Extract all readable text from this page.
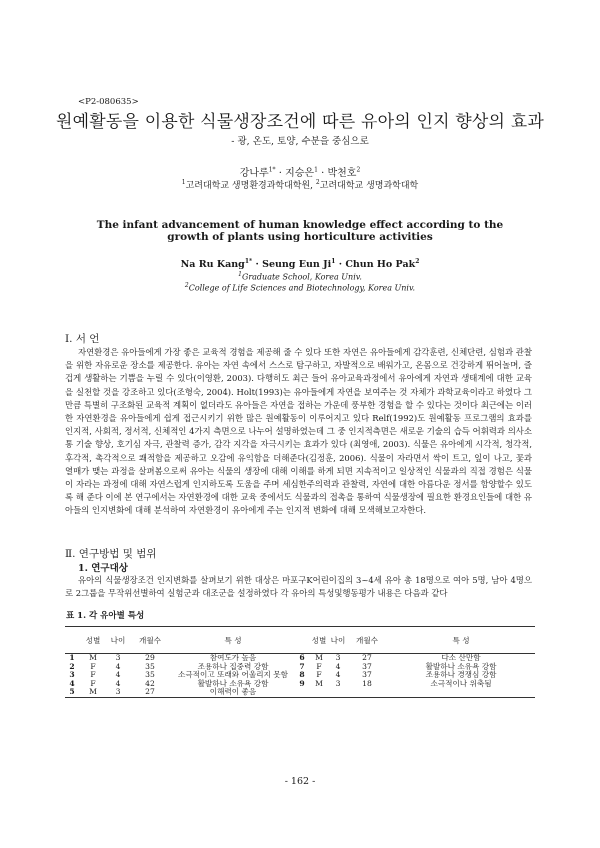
<P2-080635>
원예활동을 이용한 식물생장조건에 따른 유아의 인지 향상의 효과
- 광, 온도, 토양, 수분을 중심으로
강나루$^{1*}$ · 지승은$^1$ · 박천호$^2$
$^1$고려대학교 생명환경과학대학원, $^2$고려대학교 생명과학대학
The infant advancement of human knowledge effect according to the growth of plants using horticulture activities
Na Ru Kang$^{1*}$ · Seung Eun $Ji^1$ · Chun Ho Pak$^2$
$^1$Graduate School, Korea Univ.
$^2$College of Life Sciences and Biotechnology, Korea Univ.
Ⅰ. 서 언

자연환경은 유아들에게 가장 좋은 교육적 경험을 제공해 줄 수 있다 또한 자연은 유아들에게 감각훈련, 신체단련, 심험과 관찰을 위한 자유로운 장소를 제공한다. 유아는 자연 속에서 스스로 탐구하고, 자발적으로 배워가고, 온몸으로 건강하게 뛰어놀며, 즐겁게 생활하는 기쁨을 누릴 수 있다(이영환, 2003). 다행히도 최근 들어 유아교육과정에서 유아에게 자연과 생태계에 대한 교육을 실천할 것을 강조하고 있다(조형숙, 2004). Holt(1993)는 유아들에게 자연을 보여주는 것 자체가 과학교육이라고 하였다 그만큼 특별히 구조화된 교육적 계획이 없더라도 유아들은 자연을 접하는 가운데 풍부한 경험을 할 수 있다는 것이다 최근에는 이러한 자연환경을 유아들에게 쉽게 접근시키기 위한 많은 원예활동이 이루어지고 있다 Relf(1992)도 원예활동 프로그램의 효과를 인지적, 사회적, 정서적, 신체적인 4가지 측면으로 나누어 설명하였는데 그 중 인지적측면은 새로운 기술의 습득 어휘력과 의사소통 기술 향상, 호기심 자극, 관찰력 증가, 감각 지각을 자극시키는 효과가 있다 (최영애, 2003). 식물은 유아에게 시각적, 청각적, 후각적, 촉각적으로 쾌적함을 제공하고 오감에 유익함을 더해준다(김정훈, 2006). 식물이 자라면서 싹이 트고, 잎이 나고, 꽃과 열매가 맺는 과정을 살펴봄으로써 유아는 식물의 생장에 대해 이해를 하게 되면 지속적이고 일상적인 식물과의 직접 경험은 식물이 자라는 과정에 대해 자연스럽게 인지하도록 도움을 주며 세심한주의력과 관찰력, 자연에 대한 아름다운 정서를 함양할수 있도록 해 준다 이에 본 연구에서는 자연환경에 대한 교육 중에서도 식물과의 접촉을 통하여 식물생장에 필요한 환경요인들에 대한 유아들의 인지변화에 대해 분석하여 자연환경이 유아에게 주는 인지적 변화에 대해 모색해보고자한다.

Ⅱ. 연구방법 및 범위
1. 연구대상

유아의 식물생장조건 인지변화를 살펴보기 위한 대상은 마포구K어린이집의 3~4세 유아 총 18명으로 여아 5명, 남아 4명으로 2그룹을 무작위선별하여 실험군과 대조군을 설정하였다 각 유아의 특성및행동평가 내용은 다음과 같다

표 1. 각 유아별 특성
	성별	나이	개월수	특 성		성별	나이	개월수	특 성
1	M	3	29	참여도가 높음	6	M	3	27	다소 산만함
2	F	4	35	조용하나 집중력 강함	7	F	4	37	활발하나 소유욕 강함
3	F	4	35	소극적이고 또래와 어울리지 못함	8	F	4	37	조용하나 경쟁심 강함
4	F	4	42	활발하나 소유욕 강함	9	M	3	18	소극적이나 위축됨
5	M	3	27	이해력이 좋음					
- 162 -
